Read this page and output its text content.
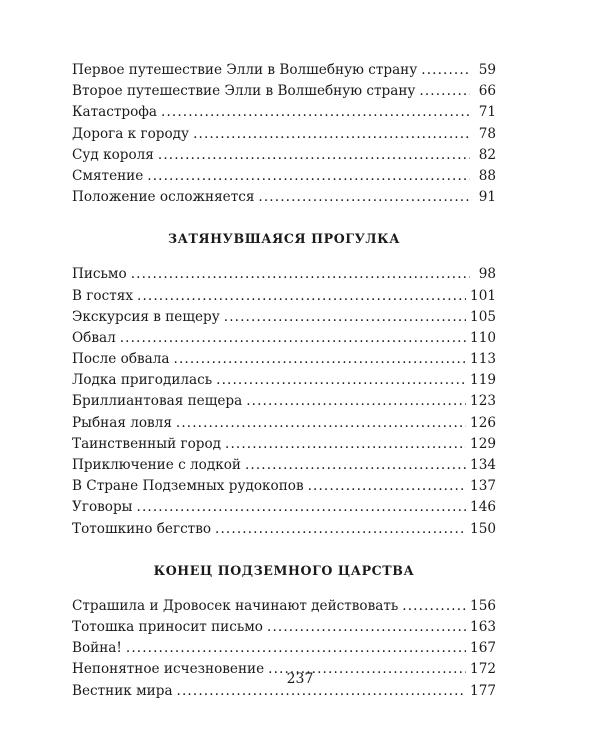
Первое путешествие Элли в Волшебную страну . . .	59
Второе путешествие Элли в Волшебную страну . . .	66
Катастрофа . . .	71
Дорога к городу . . .	78
Суд короля . . .	82
Смятение . . .	88
Положение осложняется . . .	91
ЗАТЯНУВШАЯСЯ ПРОГУЛКА
Письмо . . .	98
В гостях . . .	101
Экскурсия в пещеру . . .	105
Обвал . . .	110
После обвала . . .	113
Лодка пригодилась . . .	119
Бриллиантовая пещера . . .	123
Рыбная ловля . . .	126
Таинственный город . . .	129
Приключение с лодкой . . .	134
В Стране Подземных рудокопов . . .	137
Уговоры . . .	146
Тотошкино бегство . . .	150
КОНЕЦ ПОДЗЕМНОГО ЦАРСТВА
Страшила и Дровосек начинают действовать . . .	156
Тотошка приносит письмо . . .	163
Война! . . .	167
Непонятное исчезновение . . .	172
Вестник мира . . .	177
237
